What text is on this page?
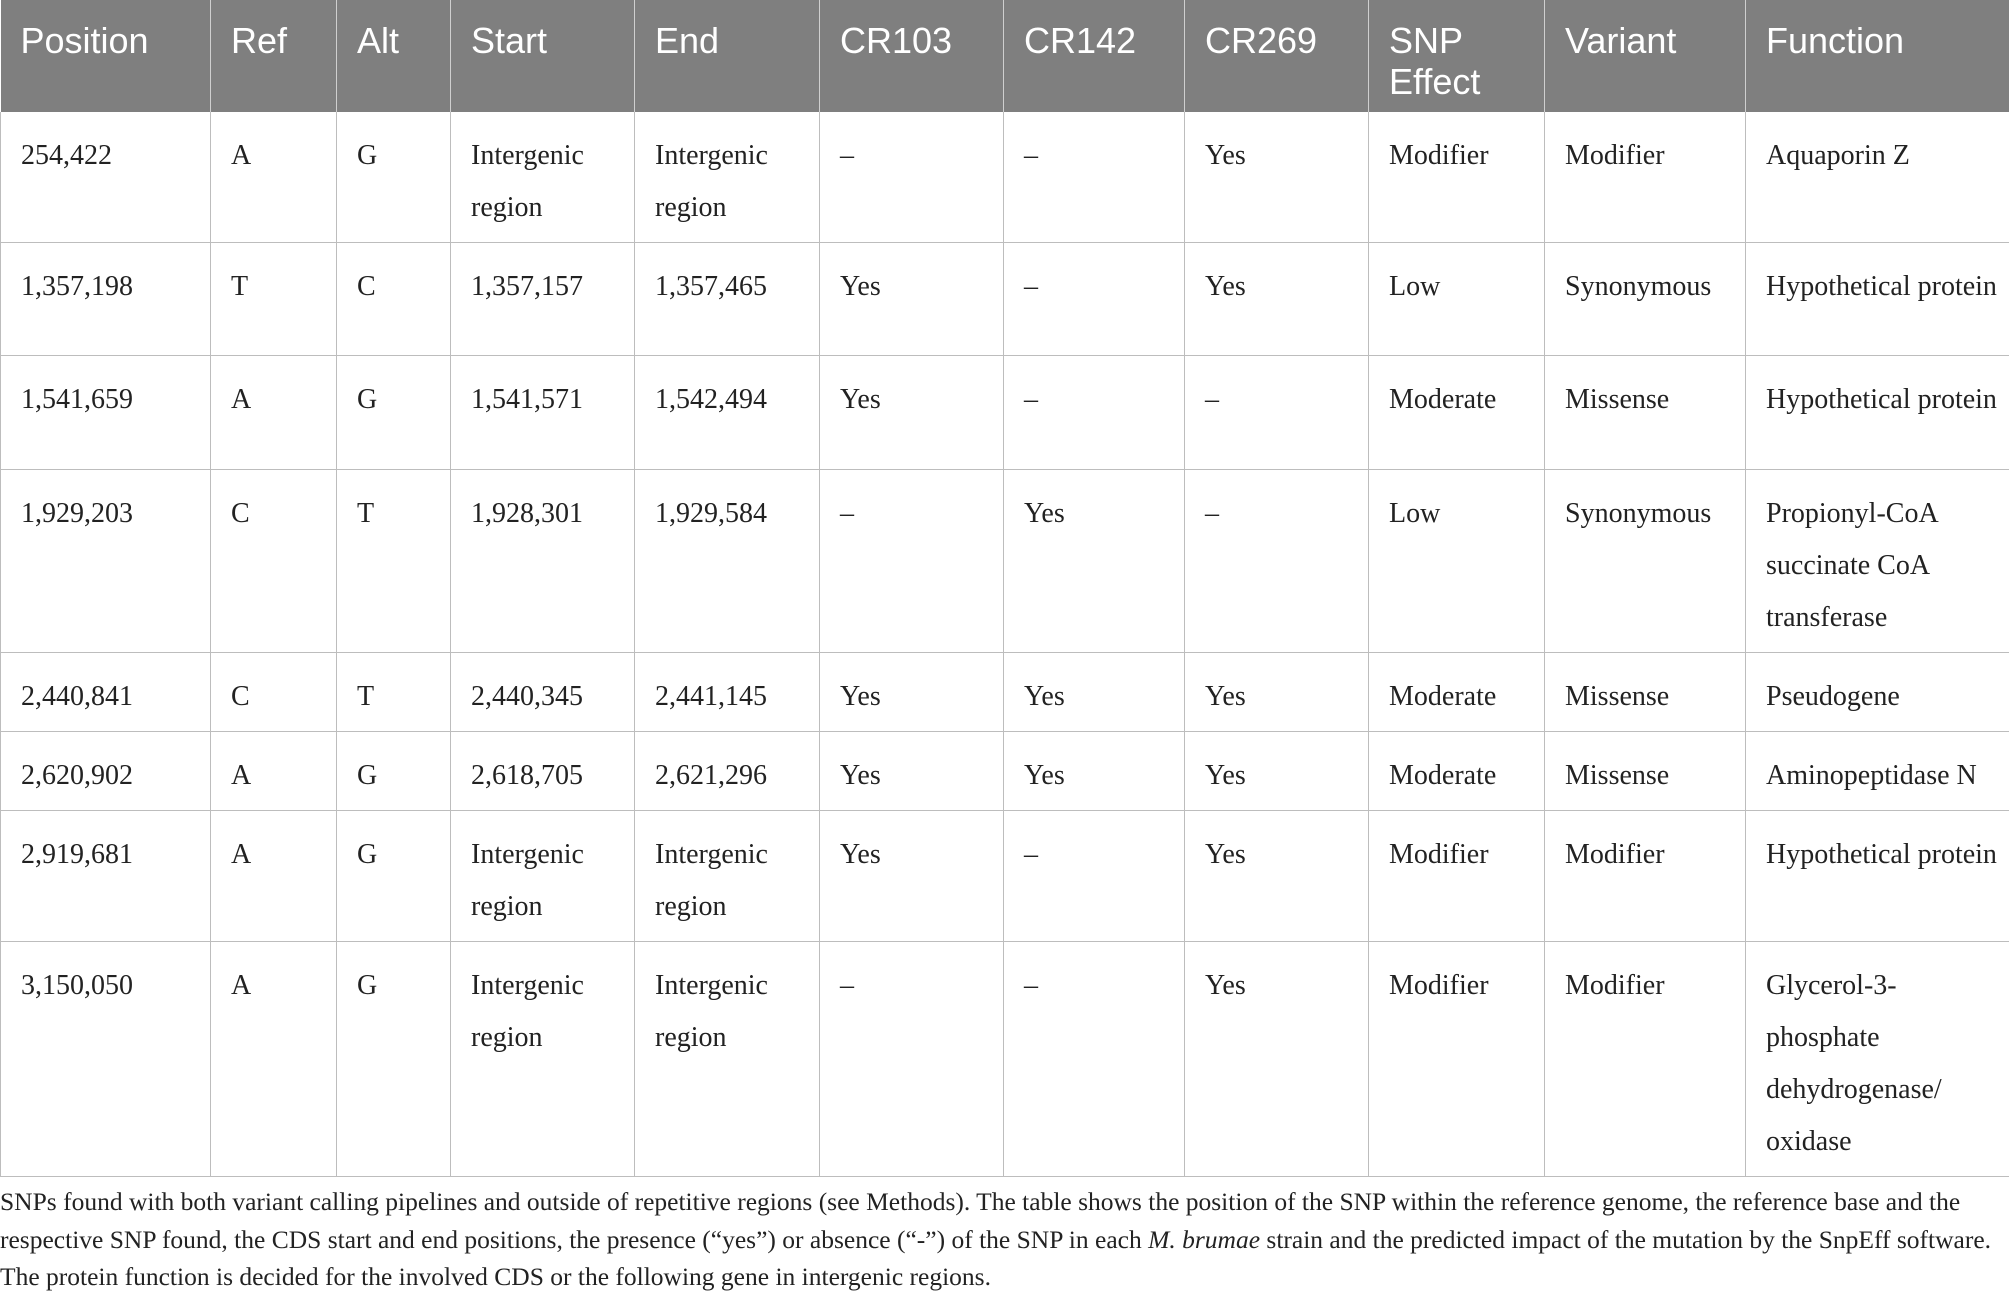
Position	Ref	Alt	Start	End	CR103	CR142	CR269	SNP Effect	Variant	Function
254,422	A	G	Intergenic region	Intergenic region	–	–	Yes	Modifier	Modifier	Aquaporin Z
1,357,198	T	C	1,357,157	1,357,465	Yes	–	Yes	Low	Synonymous	Hypothetical protein
1,541,659	A	G	1,541,571	1,542,494	Yes	–	–	Moderate	Missense	Hypothetical protein
1,929,203	C	T	1,928,301	1,929,584	–	Yes	–	Low	Synonymous	Propionyl-CoA succinate CoA transferase
2,440,841	C	T	2,440,345	2,441,145	Yes	Yes	Yes	Moderate	Missense	Pseudogene
2,620,902	A	G	2,618,705	2,621,296	Yes	Yes	Yes	Moderate	Missense	Aminopeptidase N
2,919,681	A	G	Intergenic region	Intergenic region	Yes	–	Yes	Modifier	Modifier	Hypothetical protein
3,150,050	A	G	Intergenic region	Intergenic region	–	–	Yes	Modifier	Modifier	Glycerol-3-phosphate dehydrogenase/ oxidase

SNPs found with both variant calling pipelines and outside of repetitive regions (see Methods). The table shows the position of the SNP within the reference genome, the reference base and the respective SNP found, the CDS start and end positions, the presence (“yes”) or absence (“-”) of the SNP in each M. brumae strain and the predicted impact of the mutation by the SnpEff software. The protein function is decided for the involved CDS or the following gene in intergenic regions.
